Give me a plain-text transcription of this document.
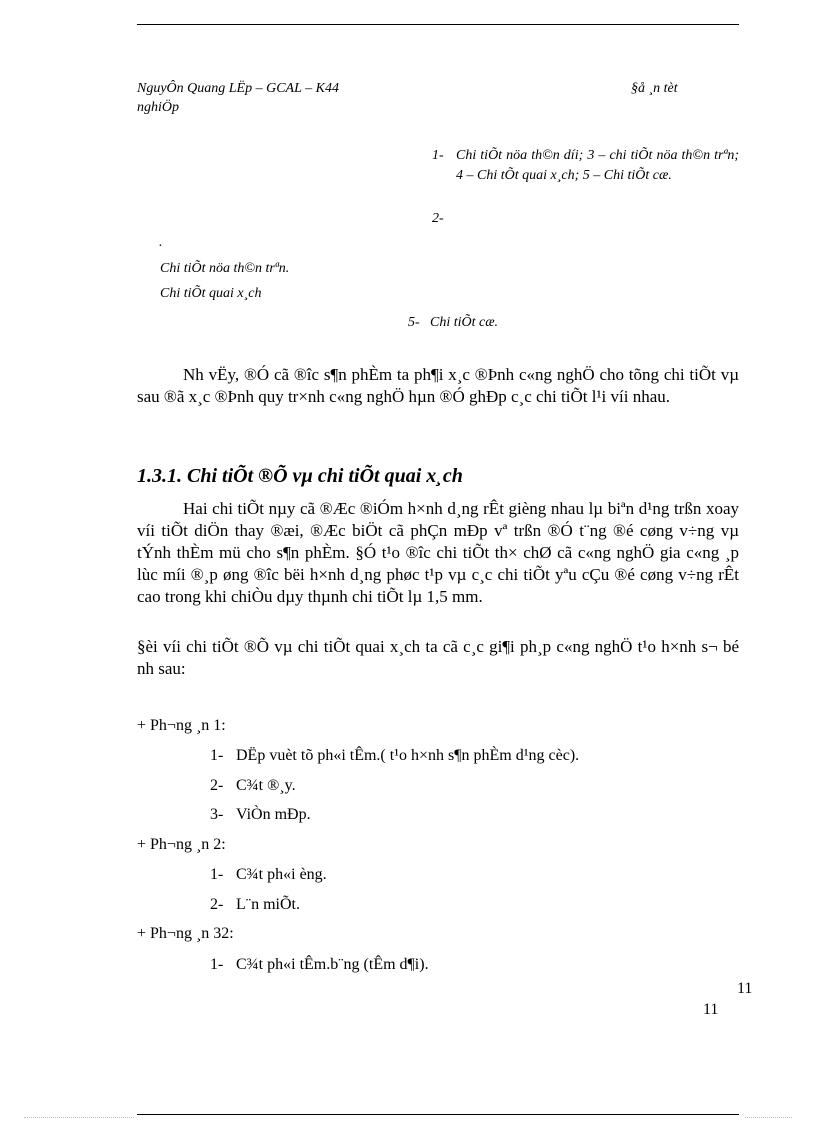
NguyÔn Quang LËp – GCAL – K44	§å ¸n tèt
nghiÖp
1- Chi tiÕt nöa th©n díi; 3 – chi tiÕt nöa th©n trªn; 4 – Chi tÕt quai x¸ch; 5 – Chi tiÕt cæ.
2-
.
Chi tiÕt nöa th©n trªn.
Chi tiÕt quai x¸ch
5- Chi tiÕt cæ.
Nh vËy, ®Ó cã ®îc s¶n phÈm ta ph¶i x¸c ®Þnh c«ng nghÖ cho tõng chi tiÕt vµ sau ®ã x¸c ®Þnh quy tr×nh c«ng nghÖ hµn ®Ó ghÐp c¸c chi tiÕt l¹i víi nhau.
1.3.1. Chi tiÕt ®Õ vµ chi tiÕt quai x¸ch
Hai chi tiÕt nµy cã ®Æc ®iÓm h×nh d¸ng rÊt gièng nhau lµ biªn d¹ng trßn xoay víi tiÕt diÖn thay ®æi, ®Æc biÖt cã phÇn mÐp vª trßn ®Ó t¨ng ®é cøng v÷ng vµ tÝnh thÈm mü cho s¶n phÈm. §Ó t¹o ®îc chi tiÕt th× chØ cã c«ng nghÖ gia c«ng ¸p lùc míi ®¸p øng ®îc bëi h×nh d¸ng phøc t¹p vµ c¸c chi tiÕt yªu cÇu ®é cøng v÷ng rÊt cao trong khi chiÒu dµy thµnh chi tiÕt lµ 1,5 mm.
§èi víi chi tiÕt ®Õ vµ chi tiÕt quai x¸ch ta cã c¸c gi¶i ph¸p c«ng nghÖ t¹o h×nh s¬ bé nh sau:
+ Ph¬ng ¸n 1:
1- DËp vuèt tõ ph«i tÊm.( t¹o h×nh s¶n phÈm d¹ng cèc).
2- C¾t ®¸y.
3- ViÒn mÐp.
+ Ph¬ng ¸n 2:
1- C¾t ph«i èng.
2- L¨n miÕt.
+ Ph¬ng ¸n 32:
1- C¾t ph«i tÊm.b¨ng (tÊm d¶i).
11
11
